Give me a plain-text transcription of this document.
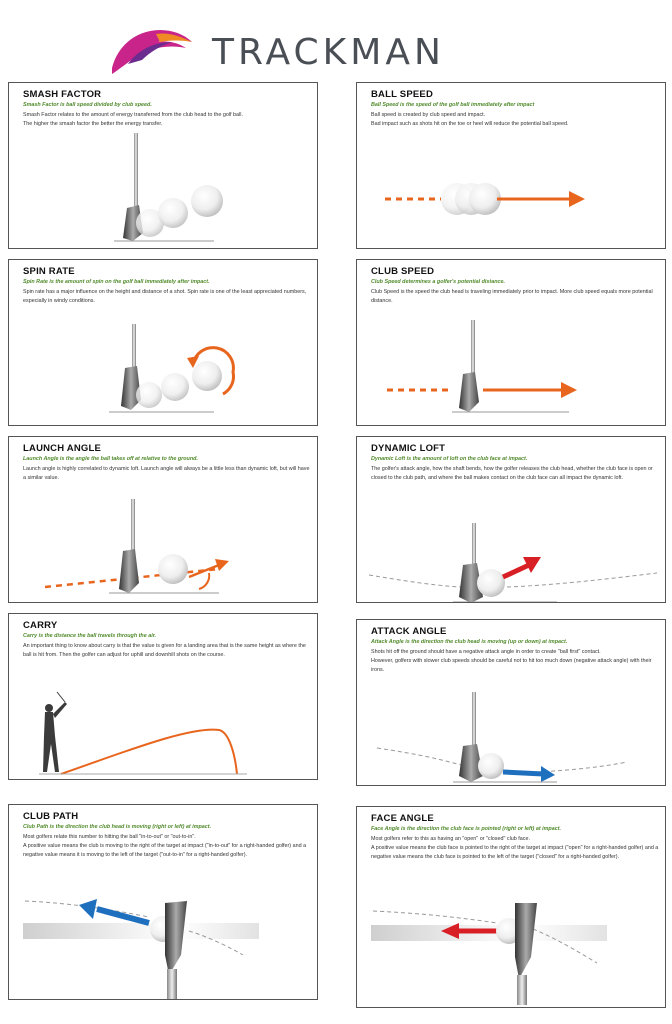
TRACKMAN
SMASH FACTOR
Smash Factor is ball speed divided by club speed.

Smash Factor relates to the amount of energy transferred from the club head to the golf ball.

The higher the smash factor the better the energy transfer.

BALL SPEED
Ball Speed is the speed of the golf ball immediately after impact

Ball speed is created by club speed and impact.

Bad impact such as shots hit on the toe or heel will reduce the potential ball speed.

SPIN RATE
Spin Rate is the amount of spin on the golf ball immediately after impact.

Spin rate has a major influence on the height and distance of a shot. Spin rate is one of the least appreciated numbers, especially in windy conditions.

CLUB SPEED
Club Speed determines a golfer's potential distance.

Club Speed is the speed the club head is traveling immediately prior to impact. More club speed equals more potential distance.

LAUNCH ANGLE
Launch Angle is the angle the ball takes off at relative to the ground.

Launch angle is highly correlated to dynamic loft. Launch angle will always be a little less than dynamic loft, but will have a similar value.

DYNAMIC LOFT
Dynamic Loft is the amount of loft on the club face at impact.

The golfer's attack angle, how the shaft bends, how the golfer releases the club head, whether the club face is open or closed to the club path, and where the ball makes contact on the club face can all impact the dynamic loft.

CARRY
Carry is the distance the ball travels through the air.

An important thing to know about carry is that the value is given for a landing area that is the same height as where the ball is hit from. Then the golfer can adjust for uphill and downhill shots on the course.

ATTACK ANGLE
Attack Angle is the direction the club head is moving (up or down) at impact.

Shots hit off the ground should have a negative attack angle in order to create "ball first" contact.

However, golfers with slower club speeds should be careful not to hit too much down (negative attack angle) with their irons.

CLUB PATH
Club Path is the direction the club head is moving (right or left) at impact.

Most golfers relate this number to hitting the ball "in-to-out" or "out-to-in".

A positive value means the club is moving to the right of the target at impact ("in-to-out" for a right-handed golfer) and a negative value means it is moving to the left of the target ("out-to-in" for a right-handed golfer).

FACE ANGLE
Face Angle is the direction the club face is pointed (right or left) at impact.

Most golfers refer to this as having an "open" or "closed" club face.

A positive value means the club face is pointed to the right of the target at impact ("open" for a right-handed golfer) and a negative value means the club face is pointed to the left of the target ("closed" for a right-handed golfer).
